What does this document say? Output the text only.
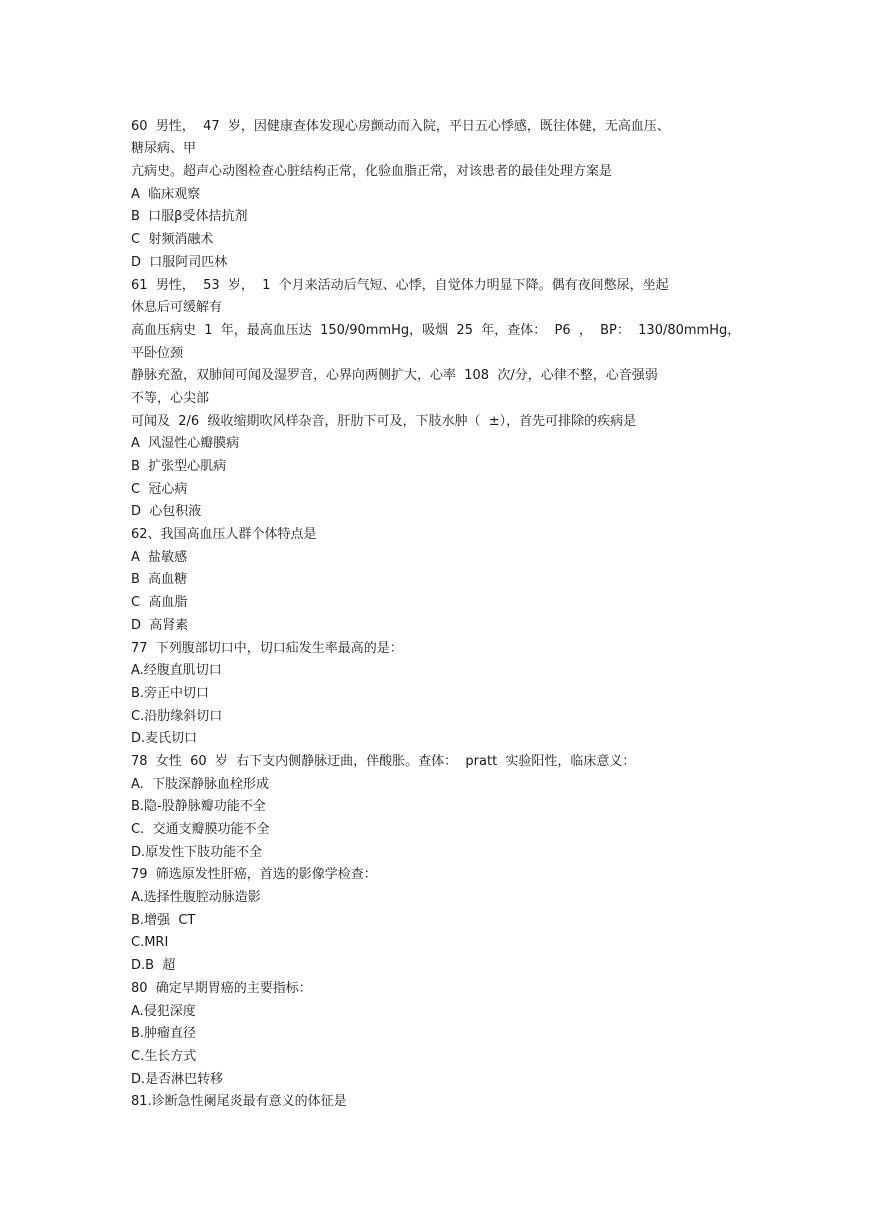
60  男性，  47  岁，因健康查体发现心房颤动而入院，平日五心悸感，既往体健，无高血压、
糖尿病、甲
亢病史。超声心动图检查心脏结构正常，化验血脂正常，对该患者的最佳处理方案是
A  临床观察
B  口服β受体拮抗剂
C  射频消融术
D  口服阿司匹林
61  男性，  53  岁，  1  个月来活动后气短、心悸，自觉体力明显下降。偶有夜间憋尿，坐起
休息后可缓解有
高血压病史  1  年，最高血压达  150/90mmHg，吸烟  25  年，查体：  P6  ，  BP：  130/80mmHg，
平卧位颈
静脉充盈，双肺间可闻及湿罗音，心界向两侧扩大，心率  108  次/分，心律不整，心音强弱
不等，心尖部
可闻及  2/6  级收缩期吹风样杂音，肝肋下可及，下肢水肿（  ±），首先可排除的疾病是
A  风湿性心瓣膜病
B  扩张型心肌病
C  冠心病
D  心包积液
62、我国高血压人群个体特点是
A  盐敏感
B  高血糖
C  高血脂
D  高肾素
77  下列腹部切口中，切口疝发生率最高的是：
A.经腹直肌切口
B.旁正中切口
C.沿肋缘斜切口
D.麦氏切口
78  女性  60  岁  右下支内侧静脉迂曲，伴酸胀。查体：  pratt  实验阳性，临床意义：
A.  下肢深静脉血栓形成
B.隐-股静脉瓣功能不全
C.  交通支瓣膜功能不全
D.原发性下肢功能不全
79  筛选原发性肝癌，首选的影像学检查：
A.选择性腹腔动脉造影
B.增强  CT
C.MRI
D.B  超
80  确定早期胃癌的主要指标：
A.侵犯深度
B.肿瘤直径
C.生长方式
D.是否淋巴转移
81.诊断急性阑尾炎最有意义的体征是
